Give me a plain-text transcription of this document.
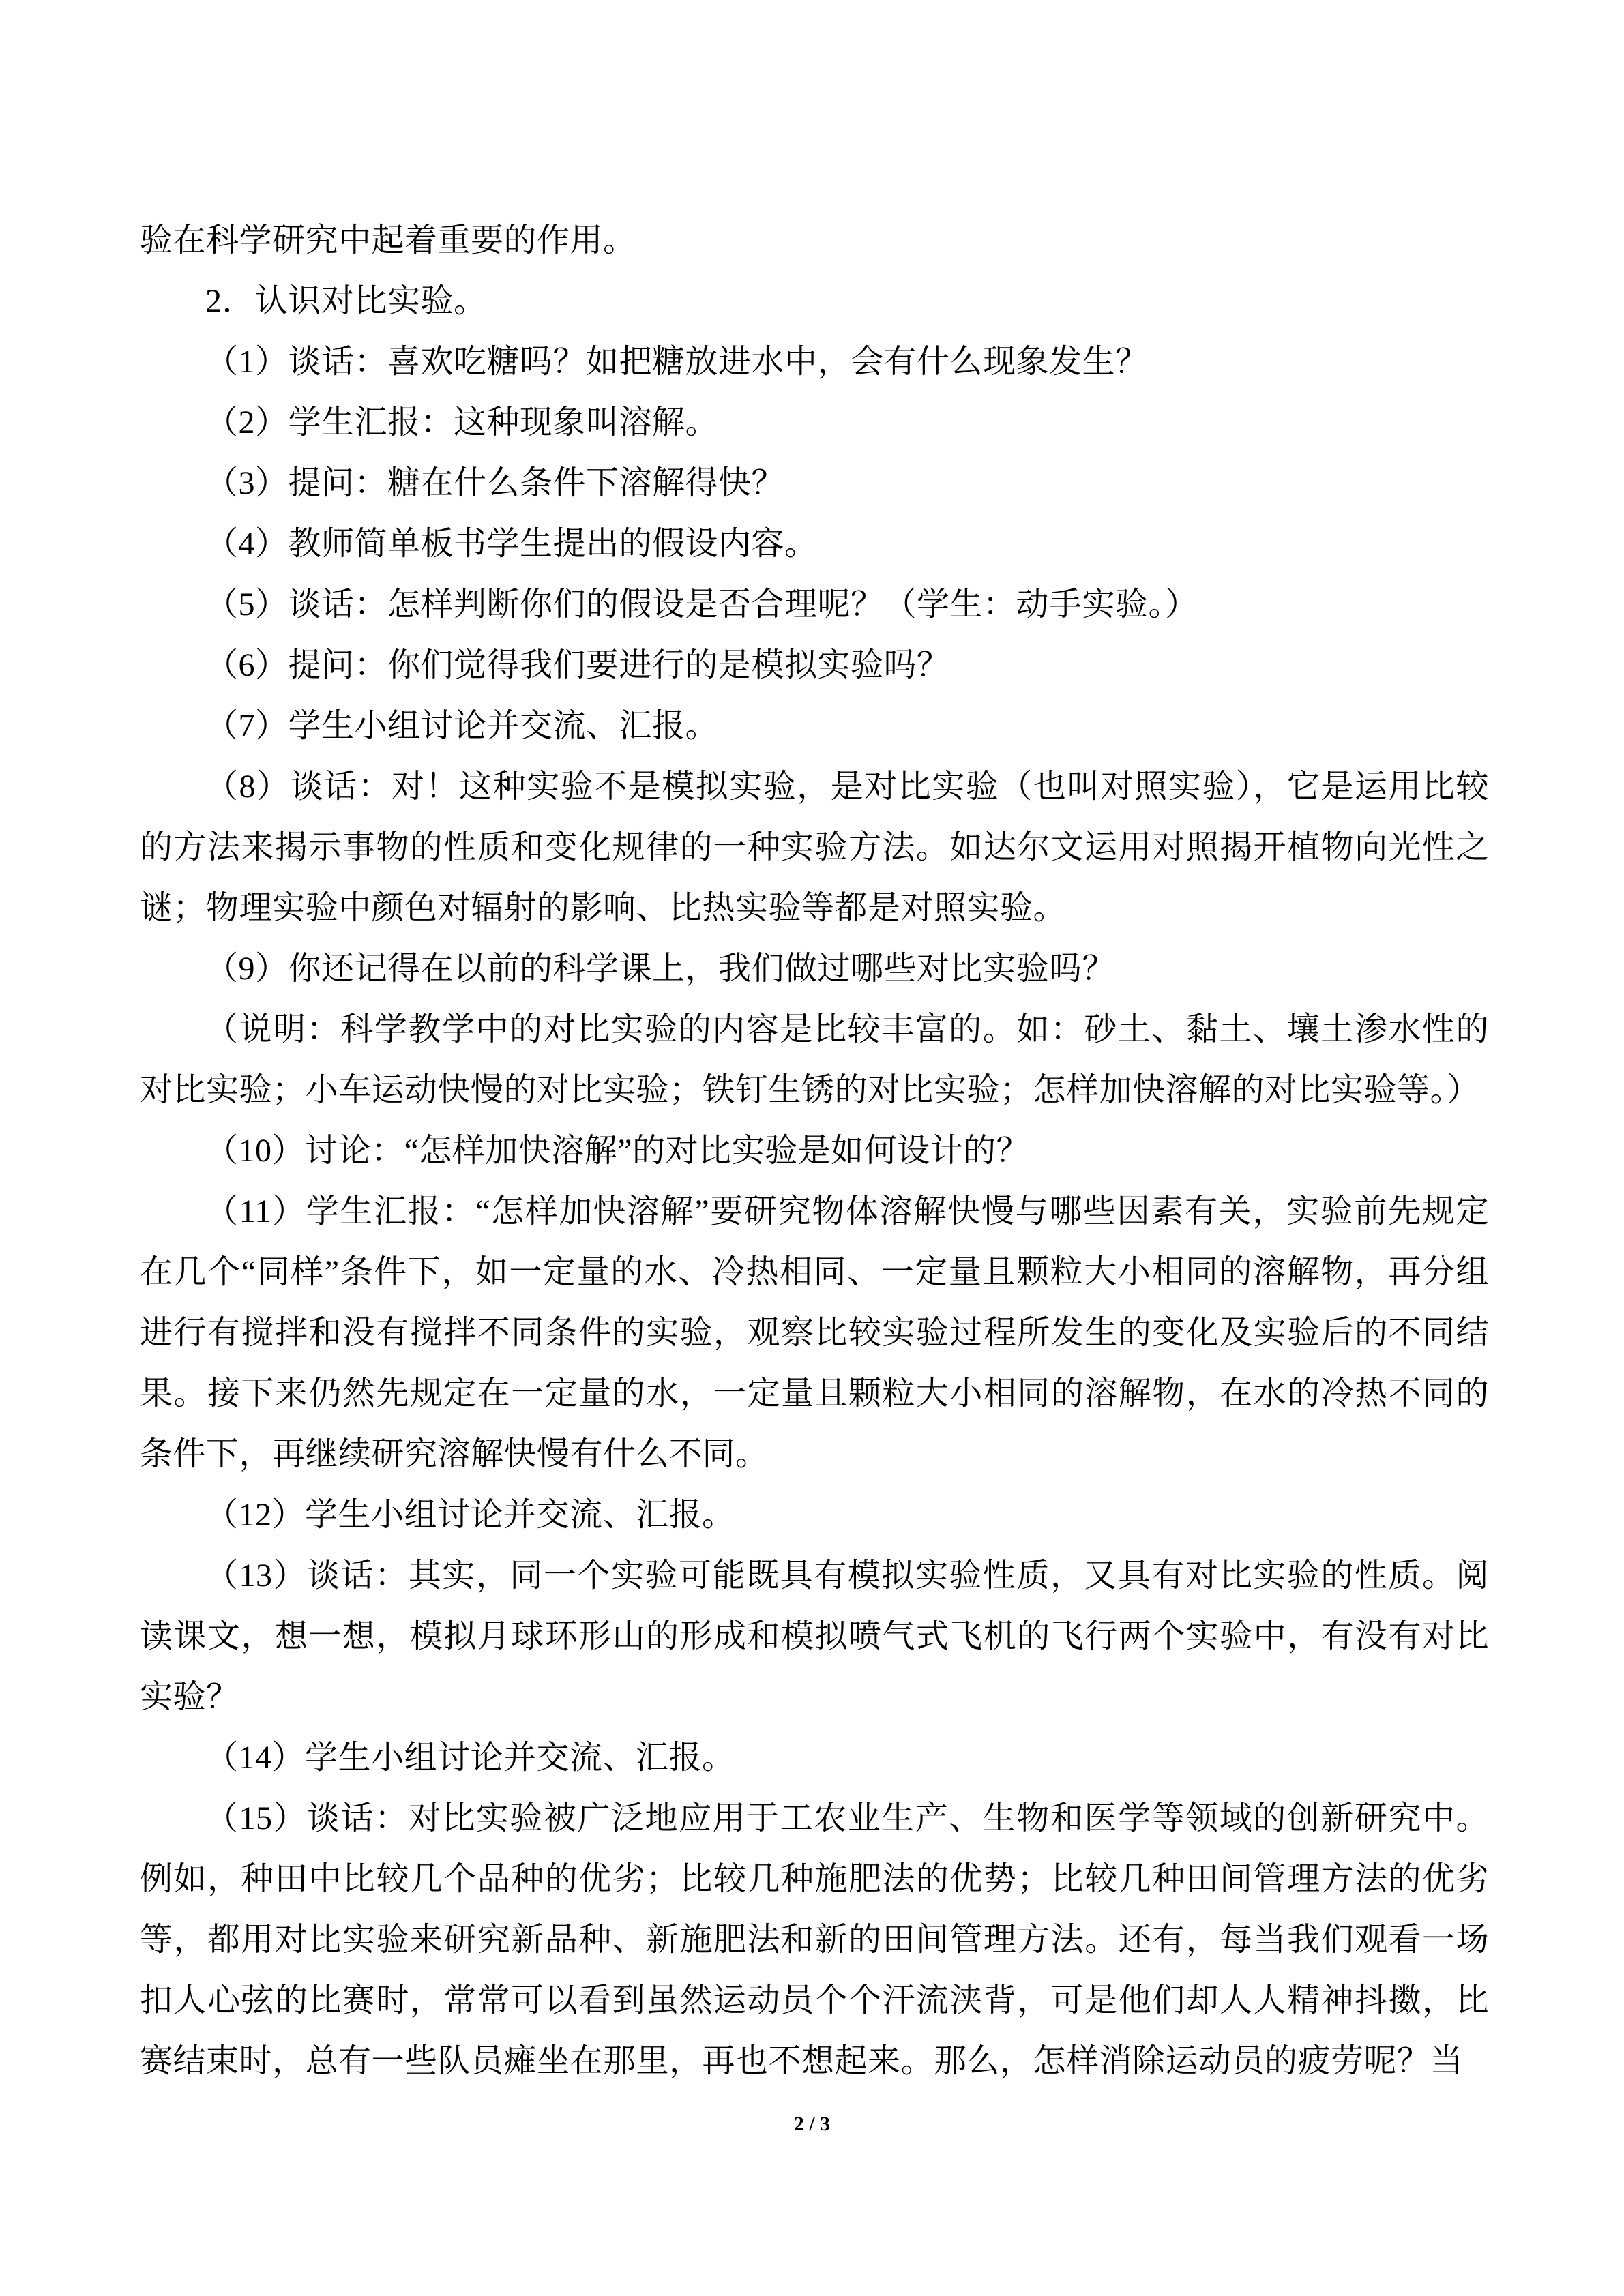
验在科学研究中起着重要的作用。

2．认识对比实验。

（1）谈话：喜欢吃糖吗？如把糖放进水中，会有什么现象发生？

（2）学生汇报：这种现象叫溶解。

（3）提问：糖在什么条件下溶解得快？

（4）教师简单板书学生提出的假设内容。

（5）谈话：怎样判断你们的假设是否合理呢？（学生：动手实验。）

（6）提问：你们觉得我们要进行的是模拟实验吗？

（7）学生小组讨论并交流、汇报。

（8）谈话：对！这种实验不是模拟实验，是对比实验（也叫对照实验），它是运用比较的方法来揭示事物的性质和变化规律的一种实验方法。如达尔文运用对照揭开植物向光性之谜；物理实验中颜色对辐射的影响、比热实验等都是对照实验。

（9）你还记得在以前的科学课上，我们做过哪些对比实验吗？

（说明：科学教学中的对比实验的内容是比较丰富的。如：砂土、黏土、壤土渗水性的对比实验；小车运动快慢的对比实验；铁钉生锈的对比实验；怎样加快溶解的对比实验等。）

（10）讨论：“怎样加快溶解”的对比实验是如何设计的？

（11）学生汇报：“怎样加快溶解”要研究物体溶解快慢与哪些因素有关，实验前先规定在几个“同样”条件下，如一定量的水、冷热相同、一定量且颗粒大小相同的溶解物，再分组进行有搅拌和没有搅拌不同条件的实验，观察比较实验过程所发生的变化及实验后的不同结果。接下来仍然先规定在一定量的水，一定量且颗粒大小相同的溶解物，在水的冷热不同的条件下，再继续研究溶解快慢有什么不同。

（12）学生小组讨论并交流、汇报。

（13）谈话：其实，同一个实验可能既具有模拟实验性质，又具有对比实验的性质。阅读课文，想一想，模拟月球环形山的形成和模拟喷气式飞机的飞行两个实验中，有没有对比实验？

（14）学生小组讨论并交流、汇报。

（15）谈话：对比实验被广泛地应用于工农业生产、生物和医学等领域的创新研究中。例如，种田中比较几个品种的优劣；比较几种施肥法的优势；比较几种田间管理方法的优劣等，都用对比实验来研究新品种、新施肥法和新的田间管理方法。还有，每当我们观看一场扣人心弦的比赛时，常常可以看到虽然运动员个个汗流浃背，可是他们却人人精神抖擞，比赛结束时，总有一些队员瘫坐在那里，再也不想起来。那么，怎样消除运动员的疲劳呢？当

2 / 3
